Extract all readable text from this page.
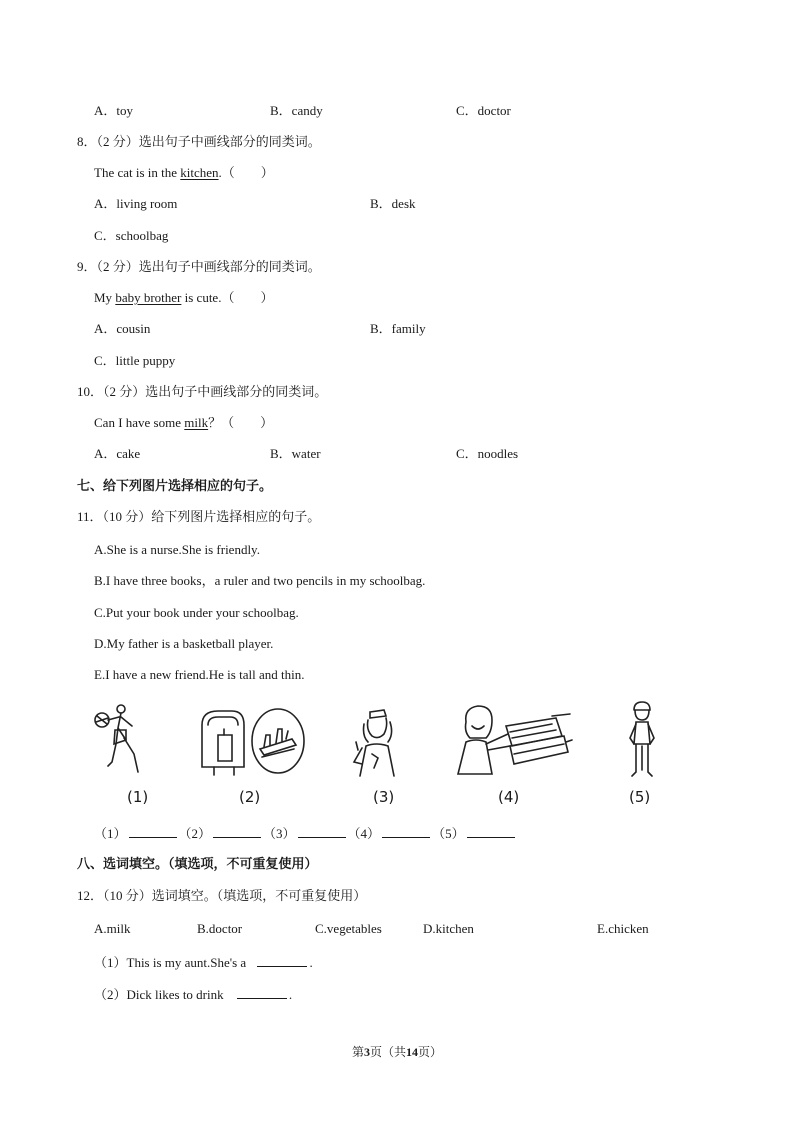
A．toy	B．candy	C．doctor
8．（2 分）选出句子中画线部分的同类词。
The cat is in the kitchen.（　　）
A．living room	B．desk
C．schoolbag
9．（2 分）选出句子中画线部分的同类词。
My baby brother is cute.（　　）
A．cousin	B．family
C．little puppy
10．（2 分）选出句子中画线部分的同类词。
Can I have some milk？（　　）
A．cake	B．water	C．noodles
七、给下列图片选择相应的句子。
11．（10 分）给下列图片选择相应的句子。
A.She is a nurse.She is friendly.
B.I have three books，a ruler and two pencils in my schoolbag.
C.Put your book under your schoolbag.
D.My father is a basketball player.
E.I have a new friend.He is tall and thin.
(1)	(2)	(3)	(4)	(5)
（1）	（2）	（3）	（4）	（5）
八、选词填空。（填选项，不可重复使用）
12．（10 分）选词填空。（填选项，不可重复使用）
A.milk	B.doctor	C.vegetables	D.kitchen	E.chicken
（1）This is my aunt.She's a	.
（2）Dick likes to drink	.
第3页（共14页）
